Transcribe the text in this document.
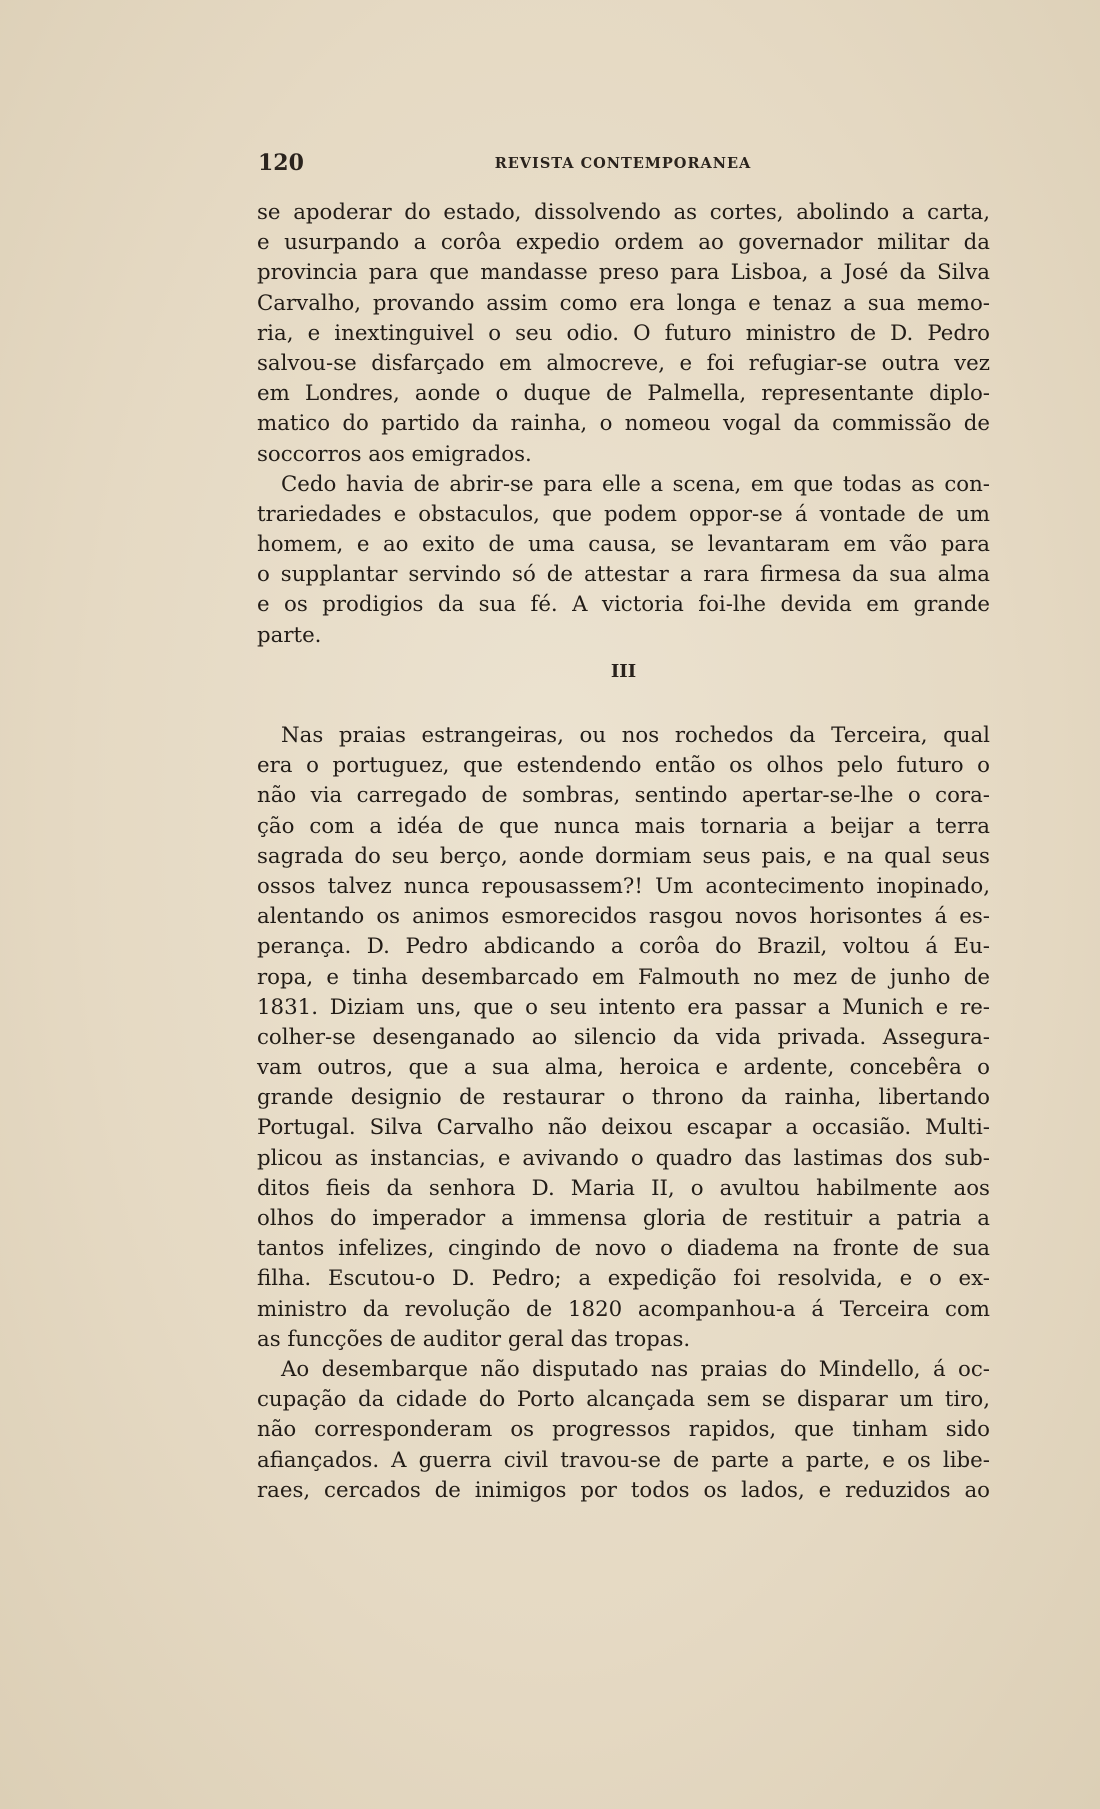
120	REVISTA CONTEMPORANEA
se apoderar do estado, dissolvendo as cortes, abolindo a carta,
e usurpando a corôa expedio ordem ao governador militar da
provincia para que mandasse preso para Lisboa, a José da Silva
Carvalho, provando assim como era longa e tenaz a sua memo-
ria, e inextinguivel o seu odio. O futuro ministro de D. Pedro
salvou-se disfarçado em almocreve, e foi refugiar-se outra vez
em Londres, aonde o duque de Palmella, representante diplo-
matico do partido da rainha, o nomeou vogal da commissão de
soccorros aos emigrados.
Cedo havia de abrir-se para elle a scena, em que todas as con-
trariedades e obstaculos, que podem oppor-se á vontade de um
homem, e ao exito de uma causa, se levantaram em vão para
o supplantar servindo só de attestar a rara firmesa da sua alma
e os prodigios da sua fé. A victoria foi-lhe devida em grande
parte.
III
Nas praias estrangeiras, ou nos rochedos da Terceira, qual
era o portuguez, que estendendo então os olhos pelo futuro o
não via carregado de sombras, sentindo apertar-se-lhe o cora-
ção com a idéa de que nunca mais tornaria a beijar a terra
sagrada do seu berço, aonde dormiam seus pais, e na qual seus
ossos talvez nunca repousassem?! Um acontecimento inopinado,
alentando os animos esmorecidos rasgou novos horisontes á es-
perança. D. Pedro abdicando a corôa do Brazil, voltou á Eu-
ropa, e tinha desembarcado em Falmouth no mez de junho de
1831. Diziam uns, que o seu intento era passar a Munich e re-
colher-se desenganado ao silencio da vida privada. Assegura-
vam outros, que a sua alma, heroica e ardente, concebêra o
grande designio de restaurar o throno da rainha, libertando
Portugal. Silva Carvalho não deixou escapar a occasião. Multi-
plicou as instancias, e avivando o quadro das lastimas dos sub-
ditos fieis da senhora D. Maria II, o avultou habilmente aos
olhos do imperador a immensa gloria de restituir a patria a
tantos infelizes, cingindo de novo o diadema na fronte de sua
filha. Escutou-o D. Pedro; a expedição foi resolvida, e o ex-
ministro da revolução de 1820 acompanhou-a á Terceira com
as funcções de auditor geral das tropas.
Ao desembarque não disputado nas praias do Mindello, á oc-
cupação da cidade do Porto alcançada sem se disparar um tiro,
não corresponderam os progressos rapidos, que tinham sido
afiançados. A guerra civil travou-se de parte a parte, e os libe-
raes, cercados de inimigos por todos os lados, e reduzidos ao
